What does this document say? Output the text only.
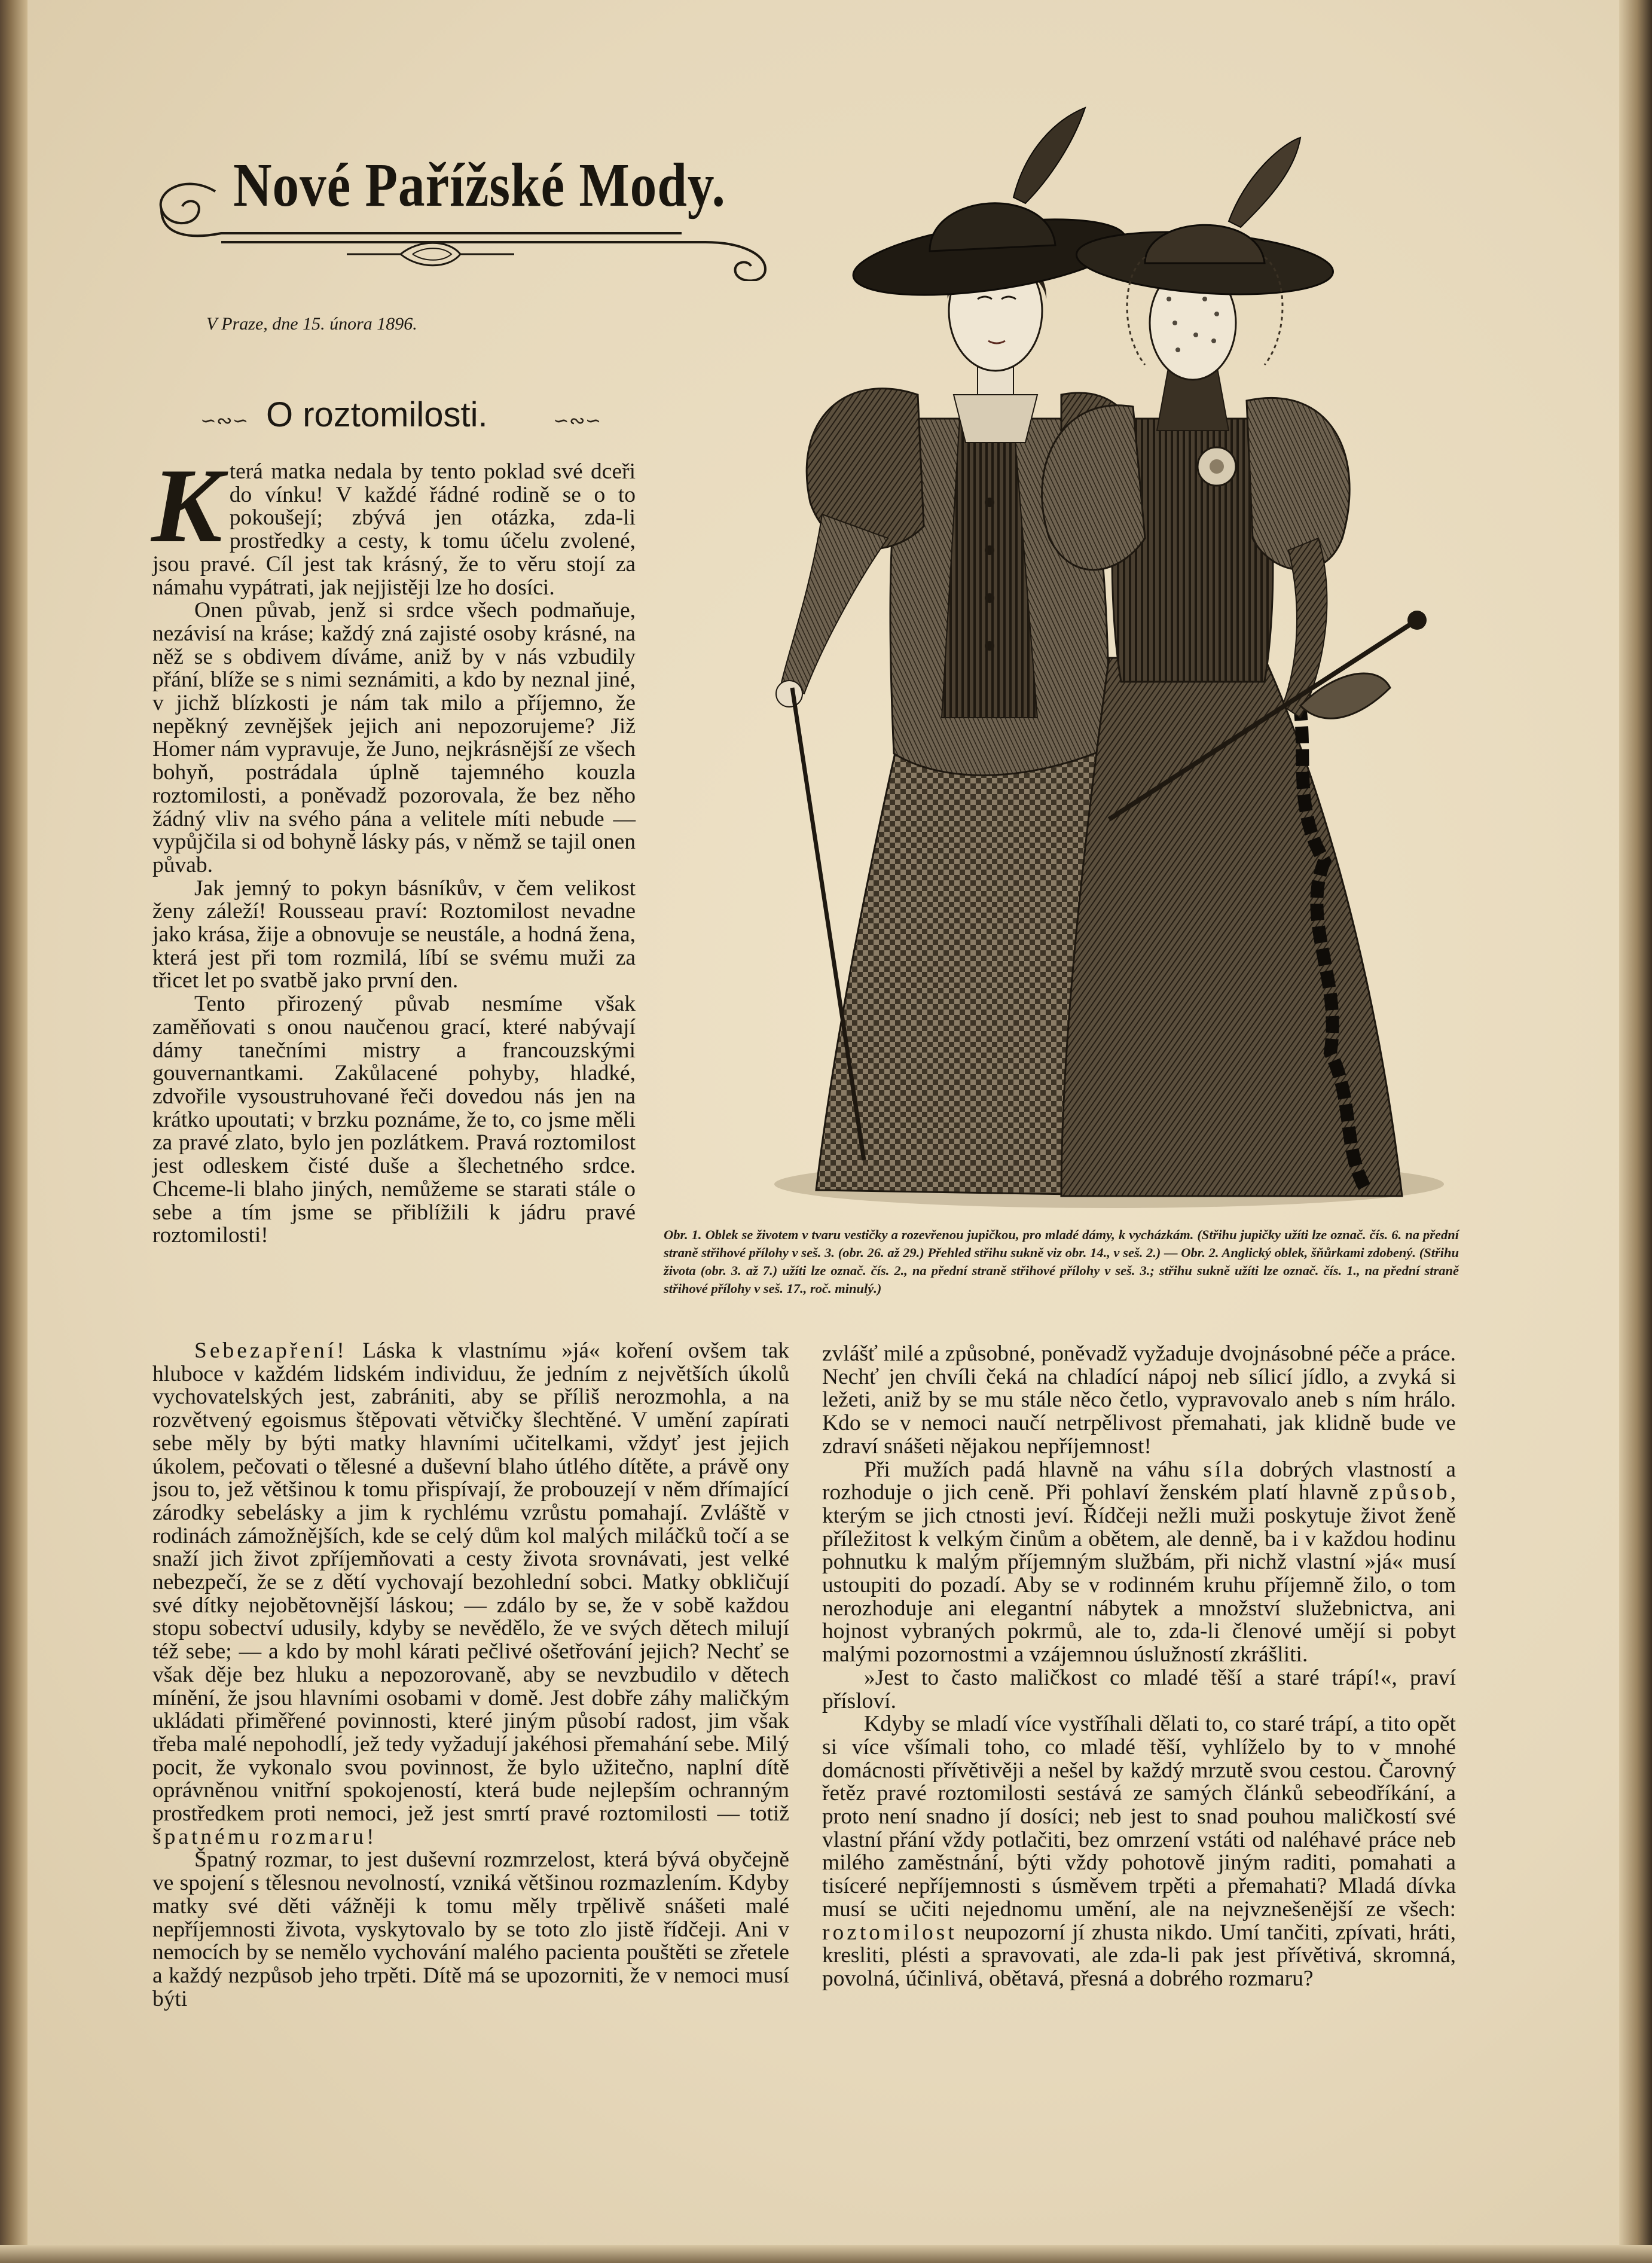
Nové Pařížské Mody.
V Praze, dne 15. února 1896.
∽∾∽ O roztomilosti.	∽∾∽

Která matka nedala by tento poklad své dceři do vínku! V každé řádné rodině se o to pokoušejí; zbývá jen otázka, zda-li prostředky a cesty, k tomu účelu zvolené, jsou pravé. Cíl jest tak krásný, že to věru stojí za námahu vypátrati, jak nejjistěji lze ho dosíci.

Onen půvab, jenž si srdce všech podmaňuje, nezávisí na kráse; každý zná zajisté osoby krásné, na něž se s obdivem díváme, aniž by v nás vzbudily přání, blíže se s nimi seznámiti, a kdo by neznal jiné, v jichž blízkosti je nám tak milo a příjemno, že nepěkný zevnějšek jejich ani nepozorujeme? Již Homer nám vypravuje, že Juno, nejkrásnější ze všech bohyň, postrádala úplně tajemného kouzla roztomilosti, a poněvadž pozorovala, že bez něho žádný vliv na svého pána a velitele míti nebude — vypůjčila si od bohyně lásky pás, v němž se tajil onen půvab.

Jak jemný to pokyn básníkův, v čem velikost ženy záleží! Rousseau praví: Roztomilost nevadne jako krása, žije a obnovuje se neustále, a hodná žena, která jest při tom rozmilá, líbí se svému muži za třicet let po svatbě jako první den.

Tento přirozený půvab nesmíme však zaměňovati s onou naučenou grací, které nabývají dámy tanečními mistry a francouzskými gouvernantkami. Zakůlacené pohyby, hladké, zdvořile vysoustruhované řeči dovedou nás jen na krátko upoutati; v brzku poznáme, že to, co jsme měli za pravé zlato, bylo jen pozlátkem. Pravá roztomilost jest odleskem čisté duše a šlechetného srdce. Chceme-li blaho jiných, nemůžeme se starati stále o sebe a tím jsme se přiblížili k jádru pravé roztomilosti!	Obr. 1. Oblek se životem v tvaru vestičky a rozevřenou jupičkou, pro mladé dámy, k vycházkám. (Střihu jupičky užíti lze označ. čís. 6. na přední straně střihové přílohy v seš. 3. (obr. 26. až 29.) Přehled střihu sukně viz obr. 14., v seš. 2.) — Obr. 2. Anglický oblek, šňůrkami zdobený. (Střihu života (obr. 3. až 7.) užíti lze označ. čís. 2., na přední straně střihové přílohy v seš. 3.; střihu sukně užíti lze označ. čís. 1., na přední straně střihové přílohy v seš. 17., roč. minulý.)

Sebezapření! Láska k vlastnímu »já« koření ovšem tak hluboce v každém lidském individuu, že jedním z největších úkolů vychovatelských jest, zabrániti, aby se příliš nerozmohla, a na rozvětvený egoismus štěpovati větvičky šlechtěné. V umění zapírati sebe měly by býti matky hlavními učitelkami, vždyť jest jejich úkolem, pečovati o tělesné a duševní blaho útlého dítěte, a právě ony jsou to, jež většinou k tomu přispívají, že probouzejí v něm dřímající zárodky sebelásky a jim k rychlému vzrůstu pomahají. Zvláště v rodinách zámožnějších, kde se celý dům kol malých miláčků točí a se snaží jich život zpříjemňovati a cesty života srovnávati, jest velké nebezpečí, že se z dětí vychovají bezohlední sobci. Matky obkličují své dítky nejobětovnější láskou; — zdálo by se, že v sobě každou stopu sobectví udusily, kdyby se nevědělo, že ve svých dětech milují též sebe; — a kdo by mohl kárati pečlivé ošetřování jejich? Nechť se však děje bez hluku a nepozorovaně, aby se nevzbudilo v dětech mínění, že jsou hlavními osobami v domě. Jest dobře záhy maličkým ukládati přiměřené povinnosti, které jiným působí radost, jim však třeba malé nepohodlí, jež tedy vyžadují jakéhosi přemahání sebe. Milý pocit, že vykonalo svou povinnost, že bylo užitečno, naplní dítě oprávněnou vnitřní spokojeností, která bude nejlepším ochranným prostředkem proti nemoci, jež jest smrtí pravé roztomilosti — totiž špatnému rozmaru!

Špatný rozmar, to jest duševní rozmrzelost, která bývá obyčejně ve spojení s tělesnou nevolností, vzniká většinou rozmazlením. Kdyby matky své děti vážněji k tomu měly trpělivě snášeti malé nepříjemnosti života, vyskytovalo by se toto zlo jistě řídčeji. Ani v nemocích by se nemělo vychování malého pacienta pouštěti se zřetele a každý nezpůsob jeho trpěti. Dítě má se upozorniti, že v nemoci musí býti

zvlášť milé a způsobné, poněvadž vyžaduje dvojnásobné péče a práce. Nechť jen chvíli čeká na chladící nápoj neb sílicí jídlo, a zvyká si ležeti, aniž by se mu stále něco četlo, vypravovalo aneb s ním hrálo. Kdo se v nemoci naučí netrpělivost přemahati, jak klidně bude ve zdraví snášeti nějakou nepříjemnost!

Při mužích padá hlavně na váhu síla dobrých vlastností a rozhoduje o jich ceně. Při pohlaví ženském platí hlavně způsob, kterým se jich ctnosti jeví. Řídčeji nežli muži poskytuje život ženě příležitost k velkým činům a obětem, ale denně, ba i v každou hodinu pohnutku k malým příjemným službám, při nichž vlastní »já« musí ustoupiti do pozadí. Aby se v rodinném kruhu příjemně žilo, o tom nerozhoduje ani elegantní nábytek a množství služebnictva, ani hojnost vybraných pokrmů, ale to, zda-li členové umějí si pobyt malými pozornostmi a vzájemnou úslužností zkrášliti.

»Jest to často maličkost co mladé těší a staré trápí!«, praví přísloví.

Kdyby se mladí více vystříhali dělati to, co staré trápí, a tito opět si více všímali toho, co mladé těší, vyhlíželo by to v mnohé domácnosti přívětivěji a nešel by každý mrzutě svou cestou. Čarovný řetěz pravé roztomilosti sestává ze samých článků sebeodříkání, a proto není snadno jí dosíci; neb jest to snad pouhou maličkostí své vlastní přání vždy potlačiti, bez omrzení vstáti od naléhavé práce neb milého zaměstnání, býti vždy pohotově jiným raditi, pomahati a tisíceré nepříjemnosti s úsměvem trpěti a přemahati? Mladá dívka musí se učiti nejednomu umění, ale na nejvznešenější ze všech: roztomilost neupozorní jí zhusta nikdo. Umí tančiti, zpívati, hráti, kresliti, plésti a spravovati, ale zda-li pak jest přívětivá, skromná, povolná, účinlivá, obětavá, přesná a dobrého rozmaru?
